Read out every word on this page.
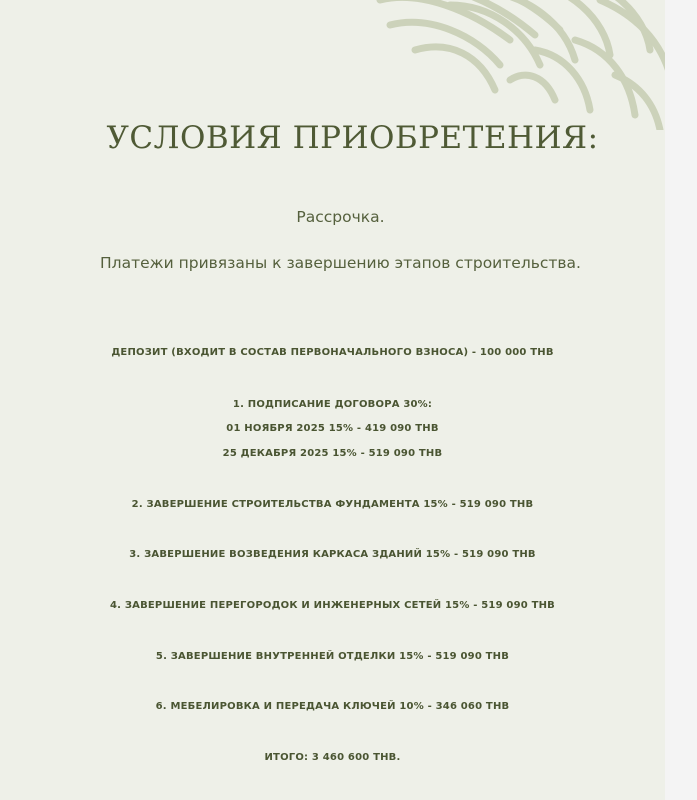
УСЛОВИЯ ПРИОБРЕТЕНИЯ:
Рассрочка.
Платежи привязаны к завершению этапов строительства.
ДЕПОЗИТ (ВХОДИТ В СОСТАВ ПЕРВОНАЧАЛЬНОГО ВЗНОСА) - 100 000 THB
1. ПОДПИСАНИЕ ДОГОВОРА 30%:
01 НОЯБРЯ 2025 15% - 419 090 THB
25 ДЕКАБРЯ 2025 15% - 519 090 THB
2. ЗАВЕРШЕНИЕ СТРОИТЕЛЬСТВА ФУНДАМЕНТА 15% - 519 090 THB
3. ЗАВЕРШЕНИЕ ВОЗВЕДЕНИЯ КАРКАСА ЗДАНИЙ 15% - 519 090 THB
4. ЗАВЕРШЕНИЕ ПЕРЕГОРОДОК И ИНЖЕНЕРНЫХ СЕТЕЙ 15% - 519 090 THB
5. ЗАВЕРШЕНИЕ ВНУТРЕННЕЙ ОТДЕЛКИ 15% - 519 090 THB
6. МЕБЕЛИРОВКА И ПЕРЕДАЧА КЛЮЧЕЙ 10% - 346 060 THB
ИТОГО: 3 460 600 THB.
